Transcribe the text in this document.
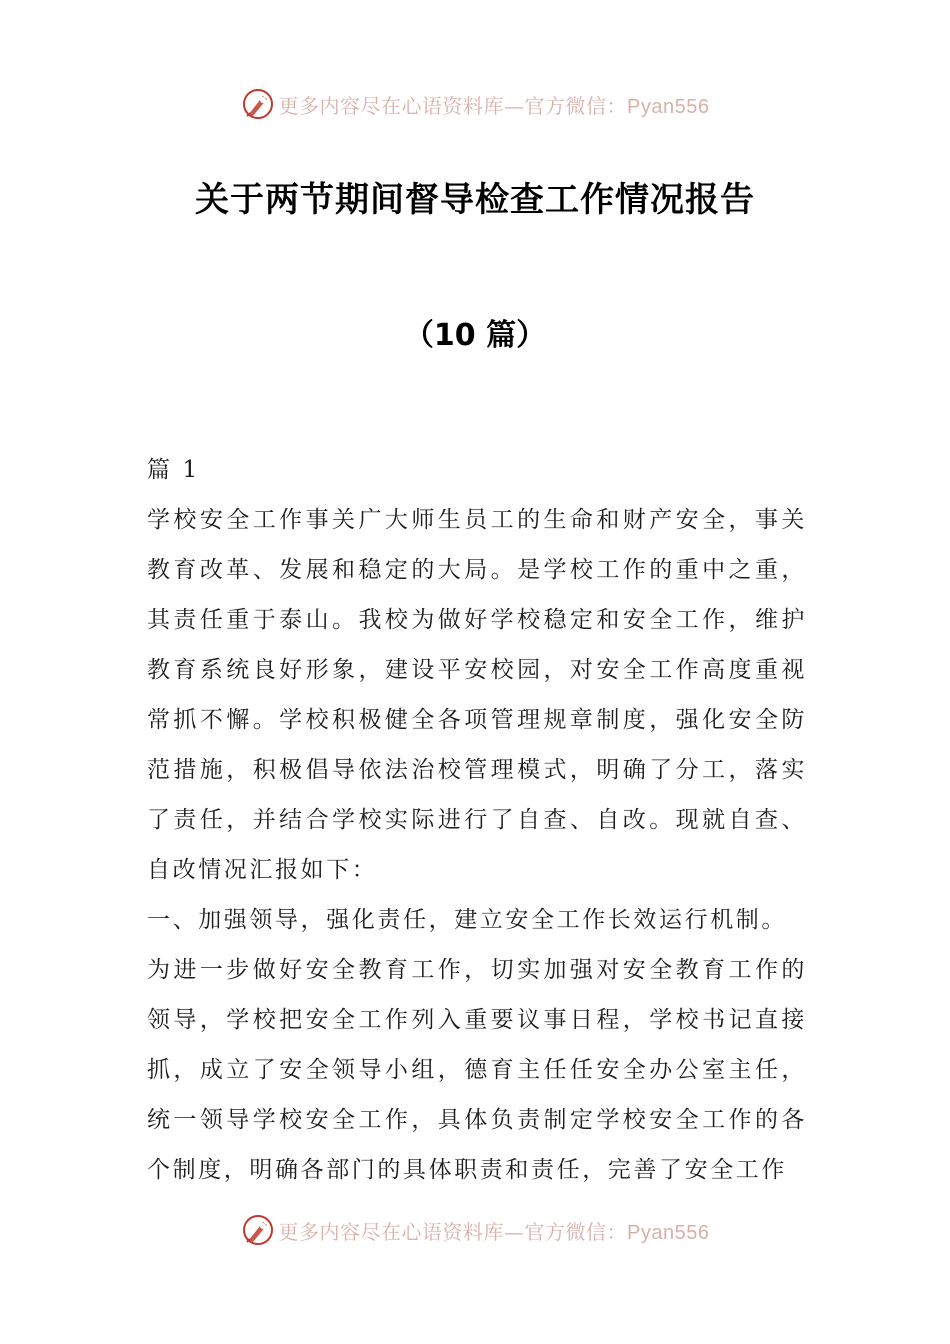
更多内容尽在心语资料库—官方微信：Pyan556
关于两节期间督导检查工作情况报告
（10 篇）

篇 1

学校安全工作事关广大师生员工的生命和财产安全，事关教育改革、发展和稳定的大局。是学校工作的重中之重，其责任重于泰山。我校为做好学校稳定和安全工作，维护教育系统良好形象，建设平安校园，对安全工作高度重视常抓不懈。学校积极健全各项管理规章制度，强化安全防范措施，积极倡导依法治校管理模式，明确了分工，落实了责任，并结合学校实际进行了自查、自改。现就自查、自改情况汇报如下：

一、加强领导，强化责任，建立安全工作长效运行机制。

为进一步做好安全教育工作，切实加强对安全教育工作的领导，学校把安全工作列入重要议事日程，学校书记直接抓，成立了安全领导小组，德育主任任安全办公室主任，统一领导学校安全工作，具体负责制定学校安全工作的各个制度，明确各部门的具体职责和责任，完善了安全工作

更多内容尽在心语资料库—官方微信：Pyan556
